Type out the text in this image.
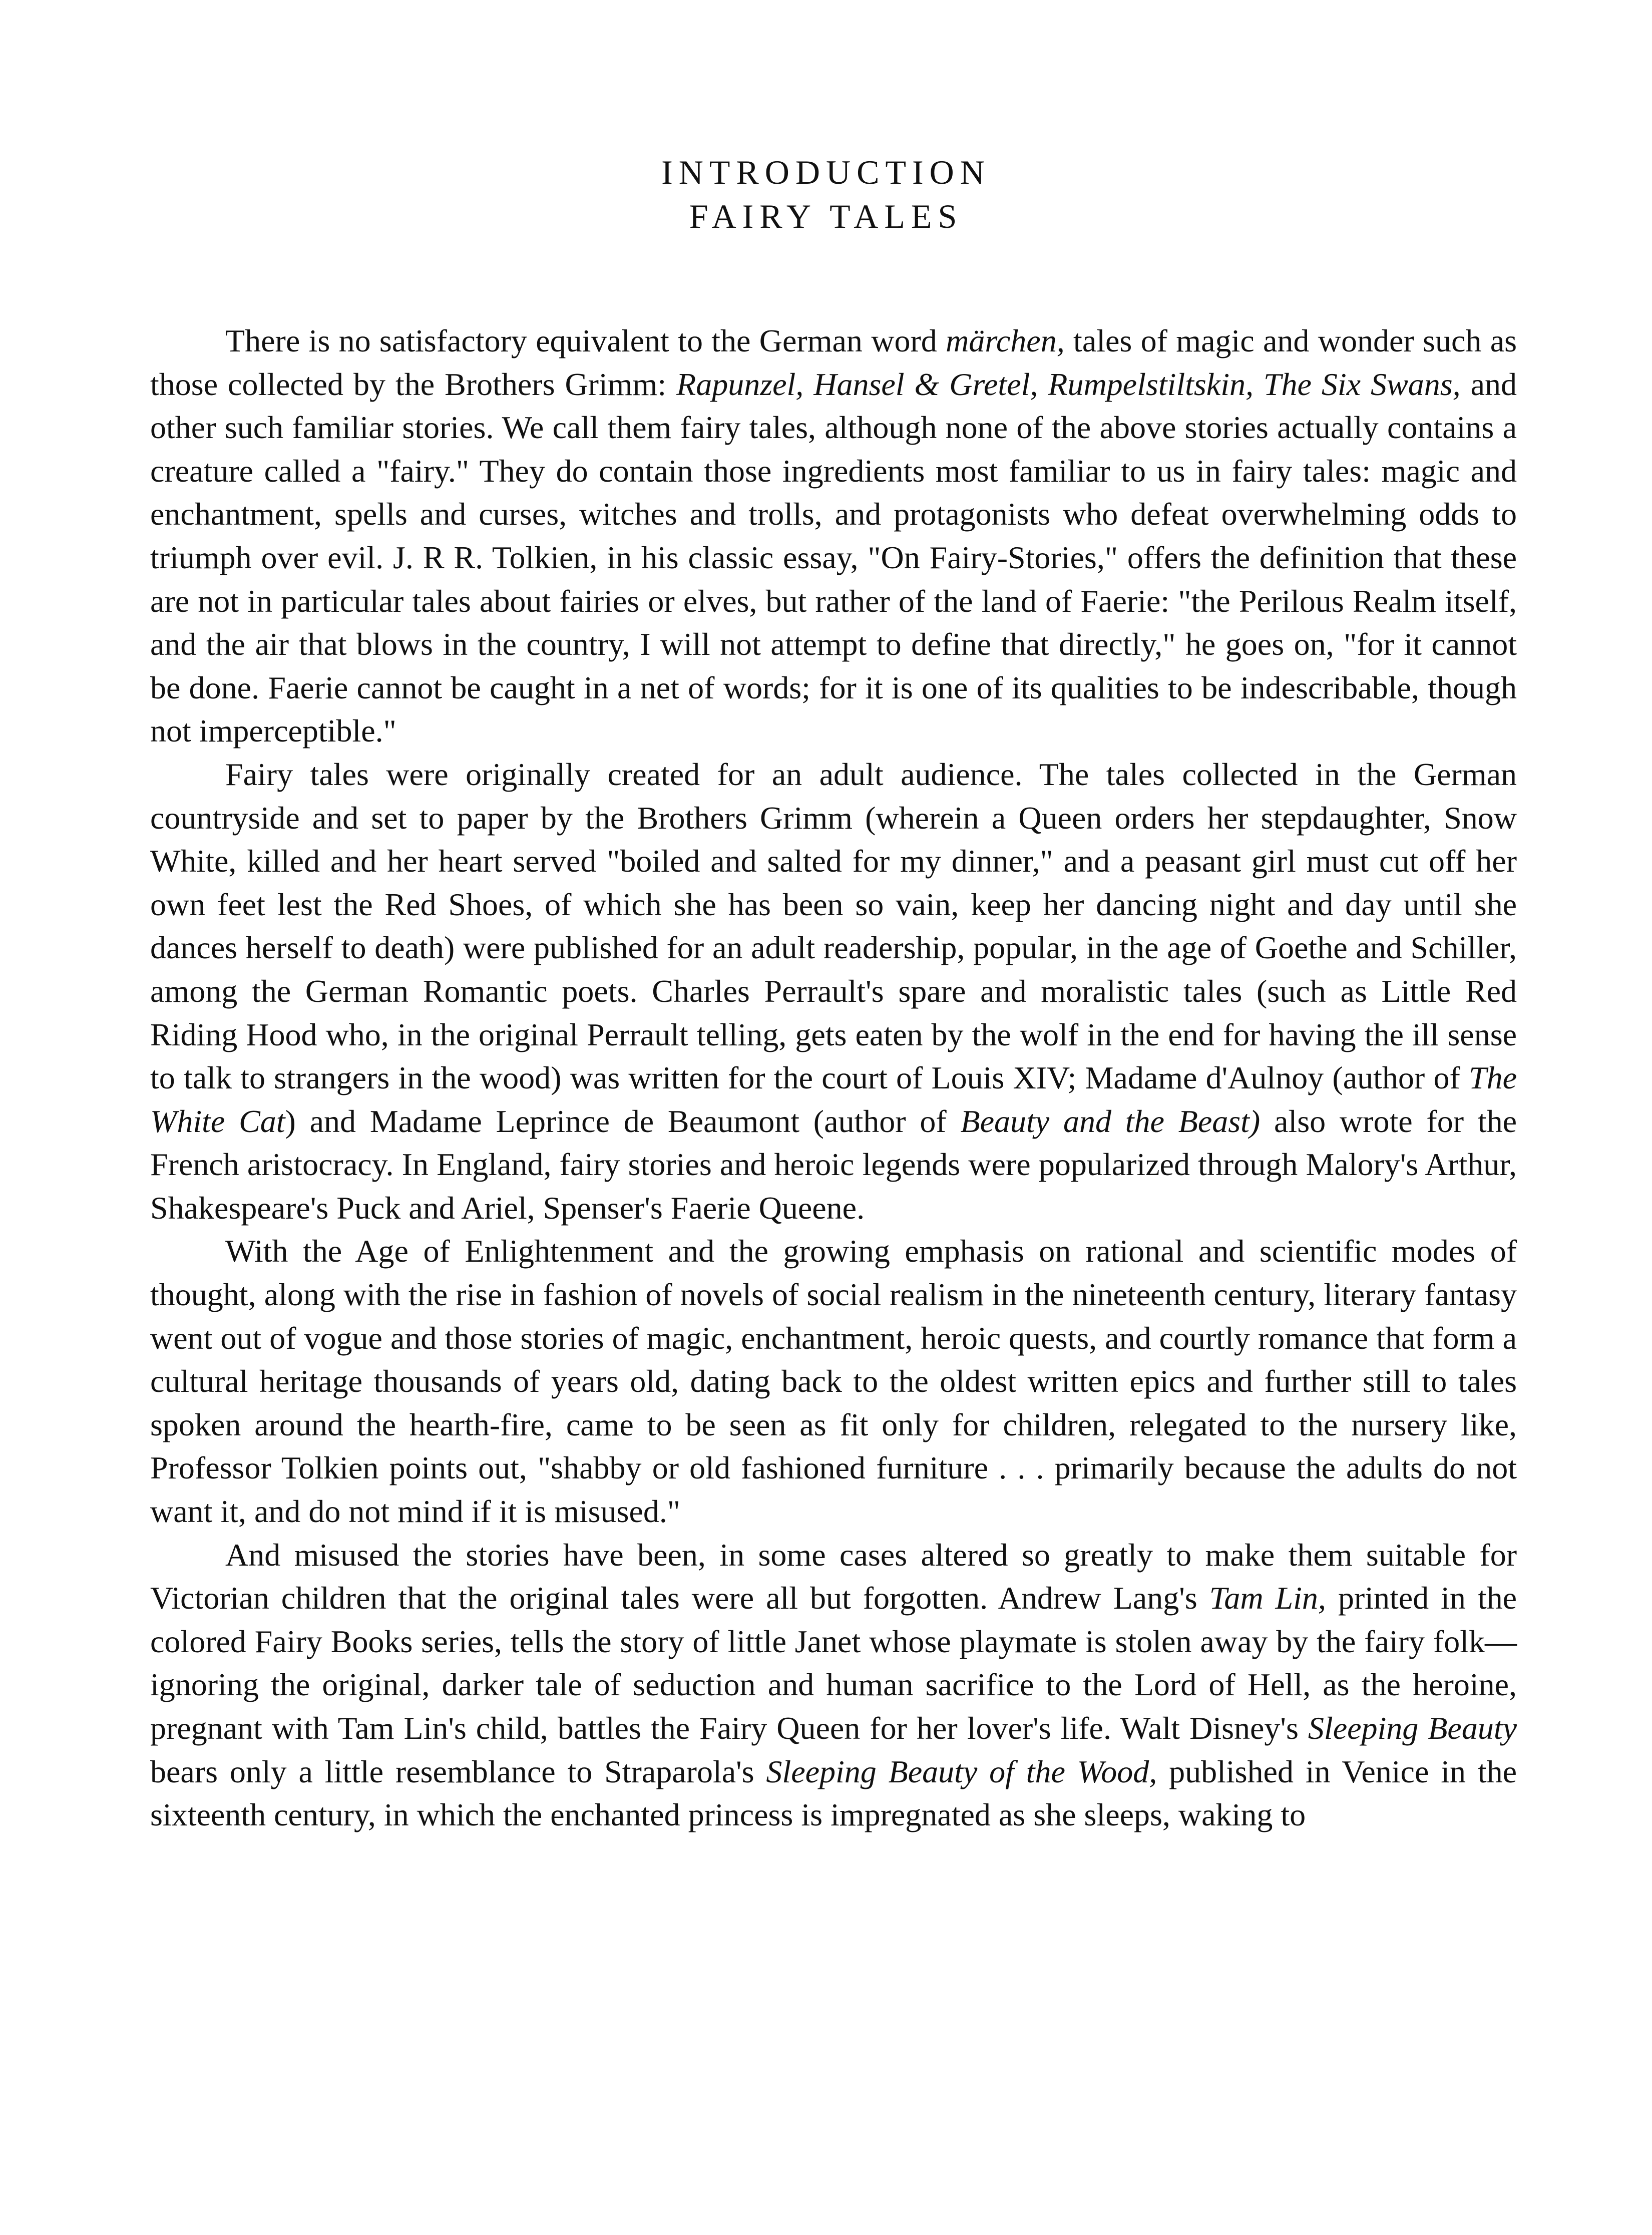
INTRODUCTION
FAIRY TALES

There is no satisfactory equivalent to the German word märchen, tales of magic and wonder such as those collected by the Brothers Grimm: Rapunzel, Hansel & Gretel, Rumpelstiltskin, The Six Swans, and other such familiar stories. We call them fairy tales, although none of the above stories actually contains a creature called a "fairy." They do contain those ingredients most familiar to us in fairy tales: magic and enchantment, spells and curses, witches and trolls, and protagonists who defeat overwhelming odds to triumph over evil. J. R R. Tolkien, in his classic essay, "On Fairy-Stories," offers the definition that these are not in particular tales about fairies or elves, but rather of the land of Faerie: "the Perilous Realm itself, and the air that blows in the country, I will not attempt to define that directly," he goes on, "for it cannot be done. Faerie cannot be caught in a net of words; for it is one of its qualities to be indescribable, though not imperceptible."

Fairy tales were originally created for an adult audience. The tales collected in the German countryside and set to paper by the Brothers Grimm (wherein a Queen orders her stepdaughter, Snow White, killed and her heart served "boiled and salted for my dinner," and a peasant girl must cut off her own feet lest the Red Shoes, of which she has been so vain, keep her dancing night and day until she dances herself to death) were published for an adult readership, popular, in the age of Goethe and Schiller, among the German Romantic poets. Charles Perrault's spare and moralistic tales (such as Little Red Riding Hood who, in the original Perrault telling, gets eaten by the wolf in the end for having the ill sense to talk to strangers in the wood) was written for the court of Louis XIV; Madame d'Aulnoy (author of The White Cat) and Madame Leprince de Beaumont (author of Beauty and the Beast) also wrote for the French aristocracy. In England, fairy stories and heroic legends were popularized through Malory's Arthur, Shakespeare's Puck and Ariel, Spenser's Faerie Queene.

With the Age of Enlightenment and the growing emphasis on rational and scientific modes of thought, along with the rise in fashion of novels of social realism in the nineteenth century, literary fantasy went out of vogue and those stories of magic, enchantment, heroic quests, and courtly romance that form a cultural heritage thousands of years old, dating back to the oldest written epics and further still to tales spoken around the hearth-fire, came to be seen as fit only for children, relegated to the nursery like, Professor Tolkien points out, "shabby or old fashioned furniture . . . primarily because the adults do not want it, and do not mind if it is misused."

And misused the stories have been, in some cases altered so greatly to make them suitable for Victorian children that the original tales were all but forgotten. Andrew Lang's Tam Lin, printed in the colored Fairy Books series, tells the story of little Janet whose playmate is stolen away by the fairy folk—ignoring the original, darker tale of seduction and human sacrifice to the Lord of Hell, as the heroine, pregnant with Tam Lin's child, battles the Fairy Queen for her lover's life. Walt Disney's Sleeping Beauty bears only a little resemblance to Straparola's Sleeping Beauty of the Wood, published in Venice in the sixteenth century, in which the enchanted princess is impregnated as she sleeps, waking to
